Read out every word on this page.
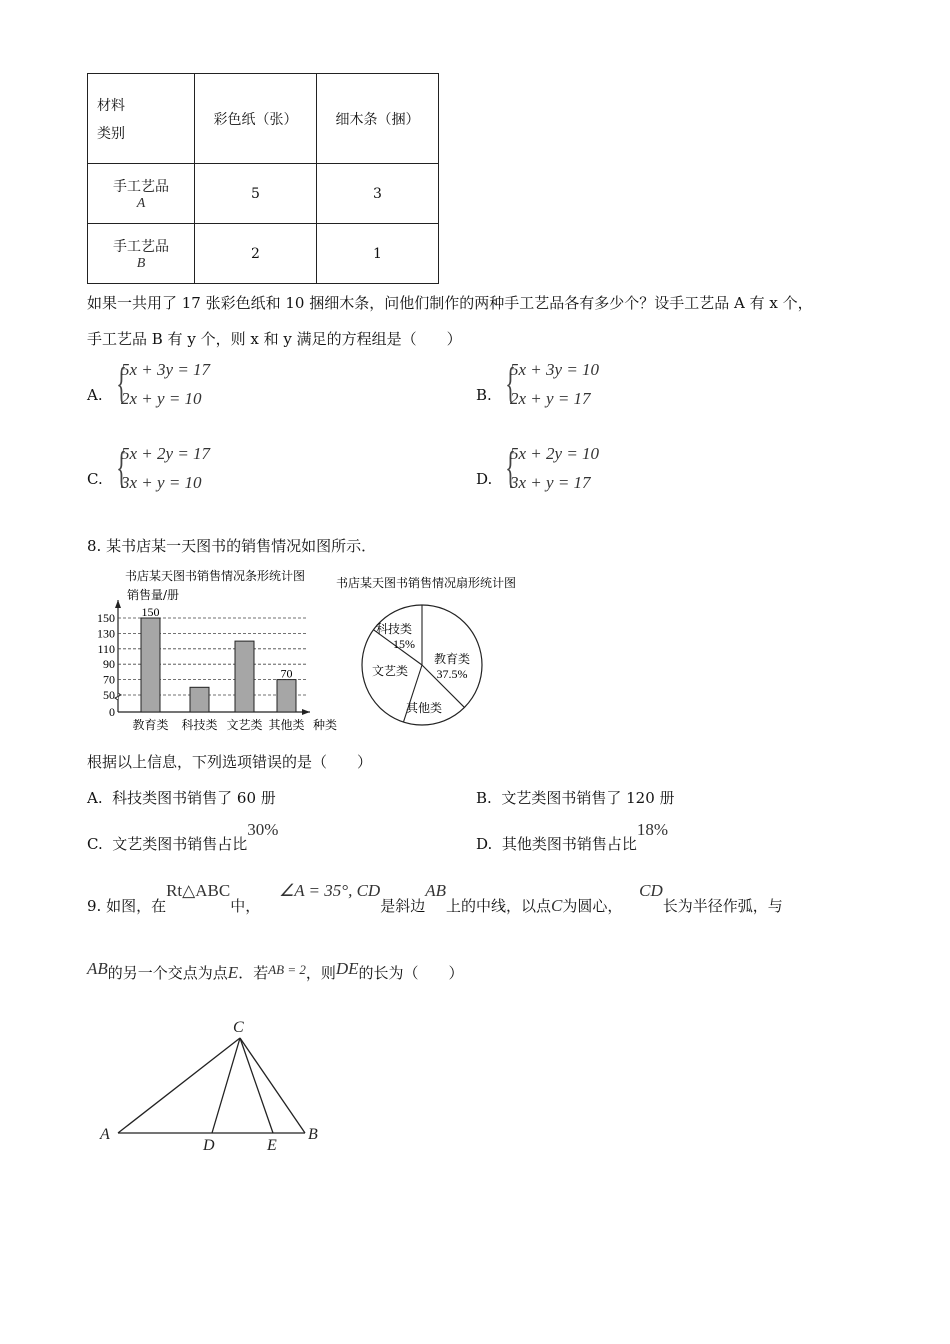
材料
类别	彩色纸（张）	细木条（捆）

手工艺品
A	5	3

手工艺品
B	2	1
如果一共用了 17 张彩色纸和 10 捆细木条，问他们制作的两种手工艺品各有多少个？设手工艺品 A 有 x 个，
手工艺品 B 有 y 个，则 x 和 y 满足的方程组是（　　）
A. {
5x + 3y = 17
2x + y = 10	B. {
5x + 3y = 10
2x + y = 17
C. {
5x + 2y = 17
3x + y = 10	D. {
5x + 2y = 10
3x + y = 17
8. 某书店某一天图书的销售情况如图所示．
书店某天图书销售情况条形统计图
销售量/册
0
50
70
90
110
130
150 150
教育类 科技类 文艺类
70
其他类 种类
书店某天图书销售情况扇形统计图
教育类
37.5%
其他类
文艺类
科技类
15%
根据以上信息，下列选项错误的是（　　）
A. 科技类图书销售了 60 册	B. 文艺类图书销售了 120 册
C. 文艺类图书销售占比30%
D. 其他类图书销售占比18%
9. 如图，在Rt△ABC中， ∠A = 35°, CD是斜边AB上的中线，以点C为圆心， CD长为半径作弧，与
AB的另一个交点为点E．若AB = 2，则DE的长为（　　）
C
A	B
D	E
